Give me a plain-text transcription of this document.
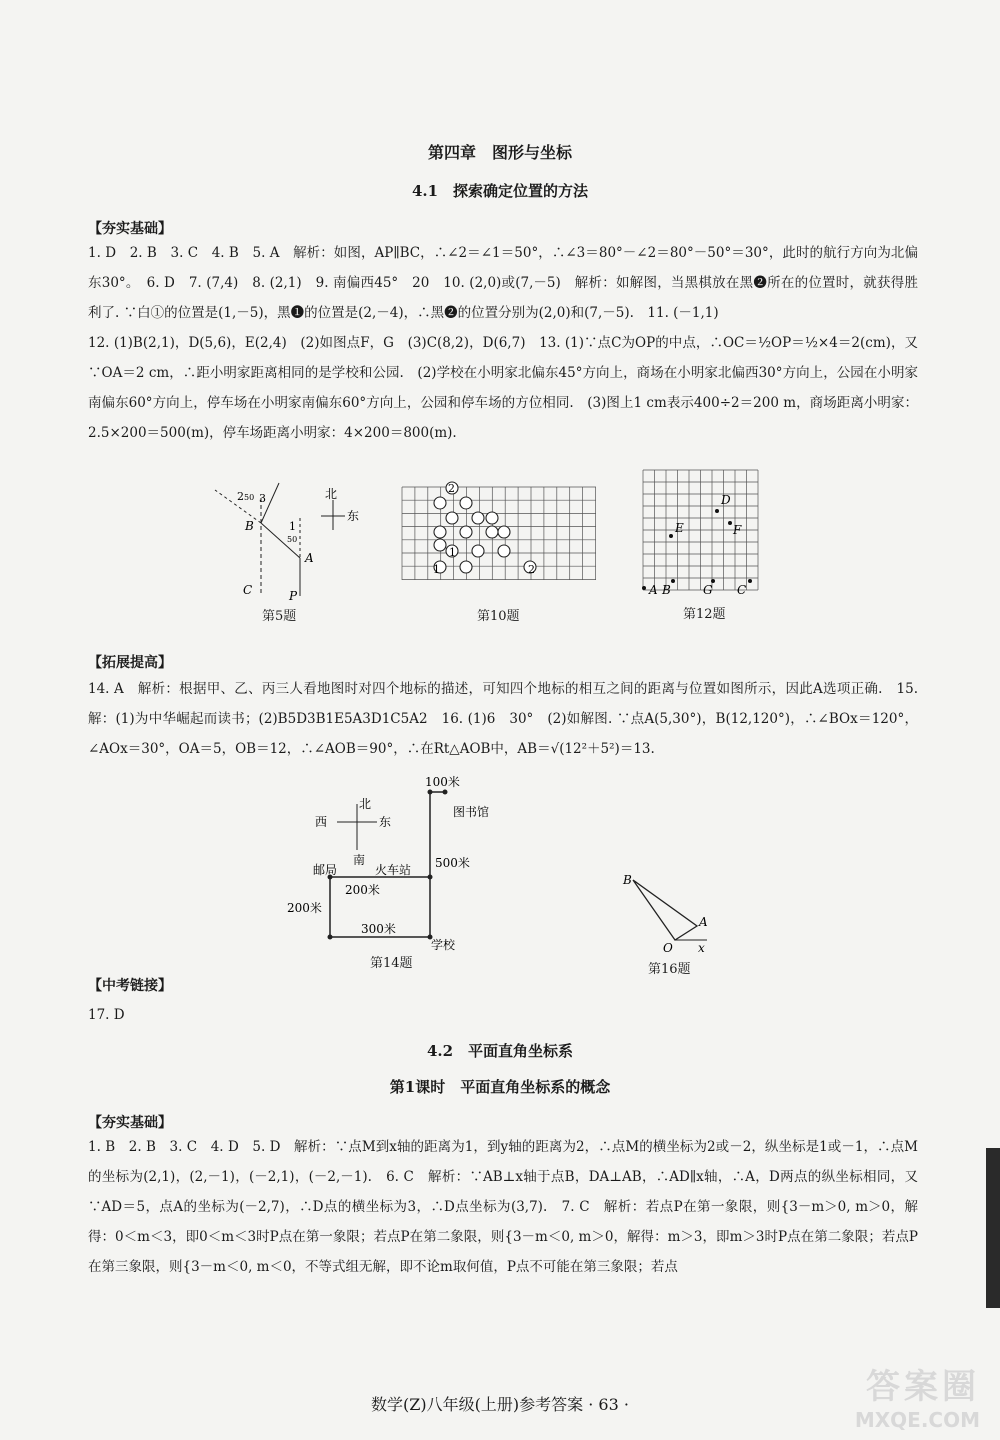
第四章　图形与坐标
4.1　探索确定位置的方法
【夯实基础】

1. D　2. B　3. C　4. B　5. A　解析：如图，AP∥BC，∴∠2＝∠1＝50°，∴∠3＝80°－∠2＝80°－50°＝30°，此时的航行方向为北偏东30°。　6. D　7. (7,4)　8. (2,1)　9. 南偏西45°　20　10. (2,0)或(7,－5)　解析：如解图，当黑棋放在黑❷所在的位置时，就获得胜利了. ∵白①的位置是(1,－5)，黑❶的位置是(2,－4)，∴黑❷的位置分别为(2,0)和(7,－5).　11. (－1,1)

12. (1)B(2,1)，D(5,6)，E(2,4)　(2)如图点F，G　(3)C(8,2)，D(6,7)　13. (1)∵点C为OP的中点，∴OC＝½OP＝½×4＝2(cm)，又∵OA＝2 cm，∴距小明家距离相同的是学校和公园.　(2)学校在小明家北偏东45°方向上，商场在小明家北偏西30°方向上，公园在小明家南偏东60°方向上，停车场在小明家南偏东60°方向上，公园和停车场的方位相同.　(3)图上1 cm表示400÷2＝200 m，商场距离小明家：2.5×200＝500(m)，停车场距离小明家：4×200＝800(m).

2 50 3
1
50
B
A
C	P
北
东
第5题
2
1
1	2
第10题
D
F
E
A B	G C
第12题
【拓展提高】

14. A　解析：根据甲、乙、丙三人看地图时对四个地标的描述，可知四个地标的相互之间的距离与位置如图所示，因此A选项正确.　15. 解：(1)为中华崛起而读书；(2)B5D3B1E5A3D1C5A2　16. (1)6　30°　(2)如解图. ∵点A(5,30°)，B(12,120°)，∴∠BOx＝120°，∠AOx＝30°，OA＝5，OB＝12，∴∠AOB＝90°，∴在Rt△AOB中，AB＝√(12²＋5²)＝13.

100米
图书馆
北
南
西	东
500米
邮局	火车站
200米
200米
300米
学校
第14题
B
A
O x
第16题
【中考链接】

17. D

4.2　平面直角坐标系
第1课时　平面直角坐标系的概念
【夯实基础】

1. B　2. B　3. C　4. D　5. D　解析：∵点M到x轴的距离为1，到y轴的距离为2，∴点M的横坐标为2或－2，纵坐标是1或－1，∴点M的坐标为(2,1)，(2,－1)，(－2,1)，(－2,－1).　6. C　解析：∵AB⊥x轴于点B，DA⊥AB，∴AD∥x轴，∴A，D两点的纵坐标相同，又∵AD＝5，点A的坐标为(－2,7)，∴D点的横坐标为3，∴D点坐标为(3,7).　7. C　解析：若点P在第一象限，则{3－m＞0, m＞0，解得：0＜m＜3，即0＜m＜3时P点在第一象限；若点P在第二象限，则{3－m＜0, m＞0，解得：m＞3，即m＞3时P点在第二象限；若点P在第三象限，则{3－m＜0, m＜0，不等式组无解，即不论m取何值，P点不可能在第三象限；若点

数学(Z)八年级(上册)参考答案 · 63 ·	答案圈
MXQE.COM
